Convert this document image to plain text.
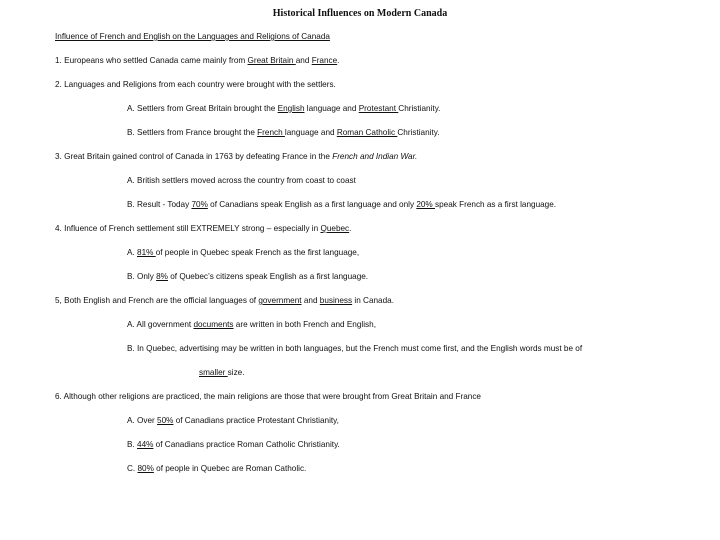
Historical Influences on Modern Canada
Influence of French and English on the Languages and Religions of Canada
1. Europeans who settled Canada came mainly from Great Britain and France.
2. Languages and Religions from each country were brought with the settlers.
A. Settlers from Great Britain brought the English language and Protestant Christianity.
B. Settlers from France brought the French language and Roman Catholic Christianity.
3. Great Britain gained control of Canada in 1763 by defeating France in the French and Indian War.
A. British settlers moved across the country from coast to coast
B. Result - Today 70% of Canadians speak English as a first language and only 20% speak French as a first language.
4. Influence of French settlement still EXTREMELY strong – especially in Quebec.
A. 81% of people in Quebec speak French as the first language,
B. Only 8% of Quebec’s citizens speak English as a first language.
5, Both English and French are the official languages of government and business in Canada.
A. All government documents are written in both French and English,
B. In Quebec, advertising may be written in both languages, but the French must come first, and the English words must be of
smaller size.
6. Although other religions are practiced, the main religions are those that were brought from Great Britain and France
A. Over 50% of Canadians practice Protestant Christianity,
B. 44% of Canadians practice Roman Catholic Christianity.
C. 80% of people in Quebec are Roman Catholic.
